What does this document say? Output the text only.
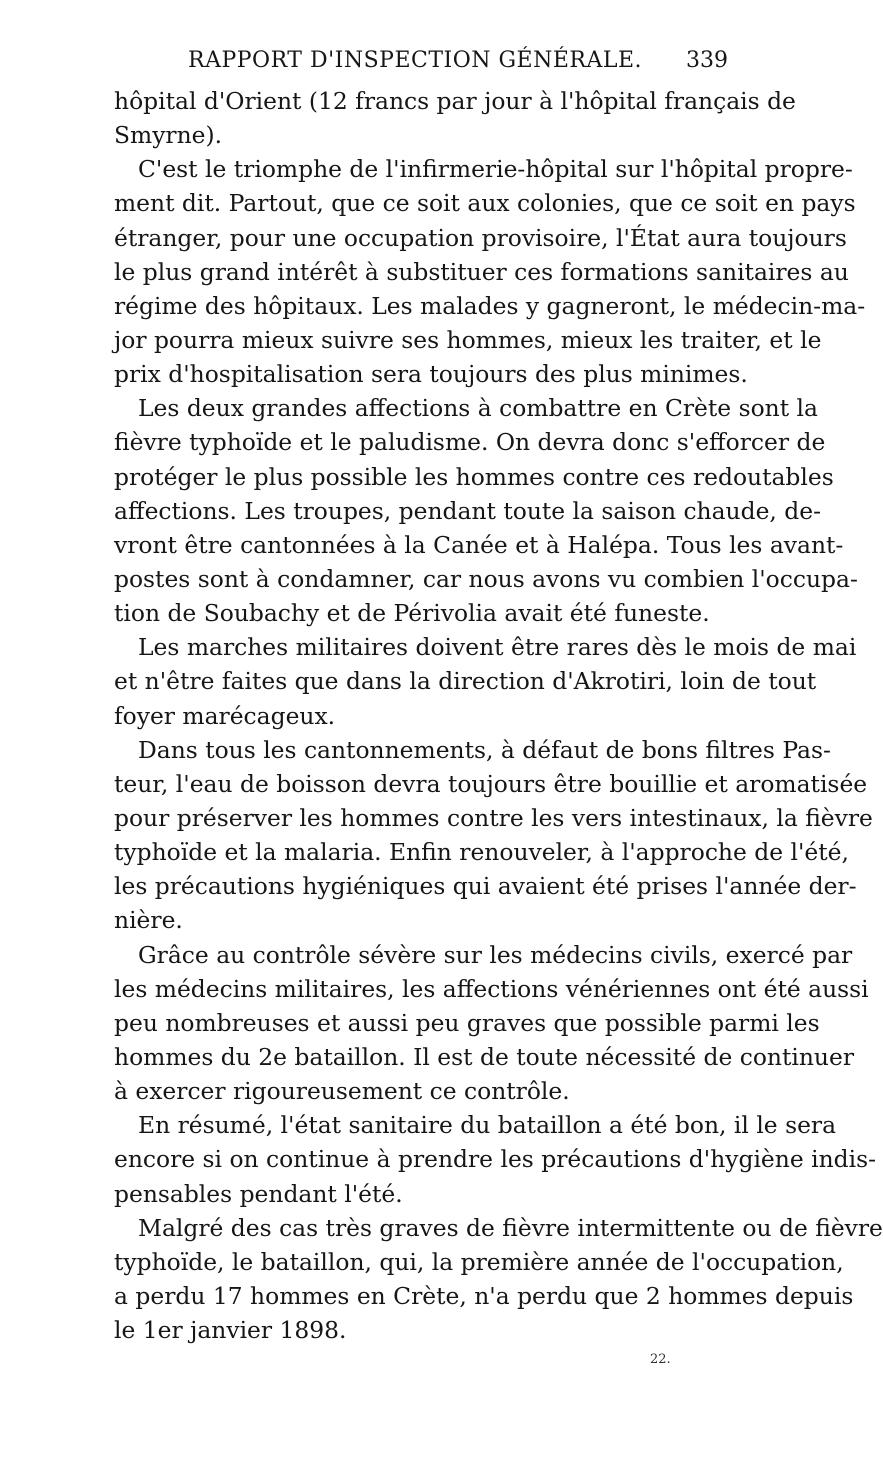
RAPPORT D'INSPECTION GÉNÉRALE. 339
hôpital d'Orient (12 francs par jour à l'hôpital français de
Smyrne).
C'est le triomphe de l'infirmerie-hôpital sur l'hôpital propre-
ment dit. Partout, que ce soit aux colonies, que ce soit en pays
étranger, pour une occupation provisoire, l'État aura toujours
le plus grand intérêt à substituer ces formations sanitaires au
régime des hôpitaux. Les malades y gagneront, le médecin-ma-
jor pourra mieux suivre ses hommes, mieux les traiter, et le
prix d'hospitalisation sera toujours des plus minimes.
Les deux grandes affections à combattre en Crète sont la
fièvre typhoïde et le paludisme. On devra donc s'efforcer de
protéger le plus possible les hommes contre ces redoutables
affections. Les troupes, pendant toute la saison chaude, de-
vront être cantonnées à la Canée et à Halépa. Tous les avant-
postes sont à condamner, car nous avons vu combien l'occupa-
tion de Soubachy et de Périvolia avait été funeste.
Les marches militaires doivent être rares dès le mois de mai
et n'être faites que dans la direction d'Akrotiri, loin de tout
foyer marécageux.
Dans tous les cantonnements, à défaut de bons filtres Pas-
teur, l'eau de boisson devra toujours être bouillie et aromatisée
pour préserver les hommes contre les vers intestinaux, la fièvre
typhoïde et la malaria. Enfin renouveler, à l'approche de l'été,
les précautions hygiéniques qui avaient été prises l'année der-
nière.
Grâce au contrôle sévère sur les médecins civils, exercé par
les médecins militaires, les affections vénériennes ont été aussi
peu nombreuses et aussi peu graves que possible parmi les
hommes du 2e bataillon. Il est de toute nécessité de continuer
à exercer rigoureusement ce contrôle.
En résumé, l'état sanitaire du bataillon a été bon, il le sera
encore si on continue à prendre les précautions d'hygiène indis-
pensables pendant l'été.
Malgré des cas très graves de fièvre intermittente ou de fièvre
typhoïde, le bataillon, qui, la première année de l'occupation,
a perdu 17 hommes en Crète, n'a perdu que 2 hommes depuis
le 1er janvier 1898.
22.
